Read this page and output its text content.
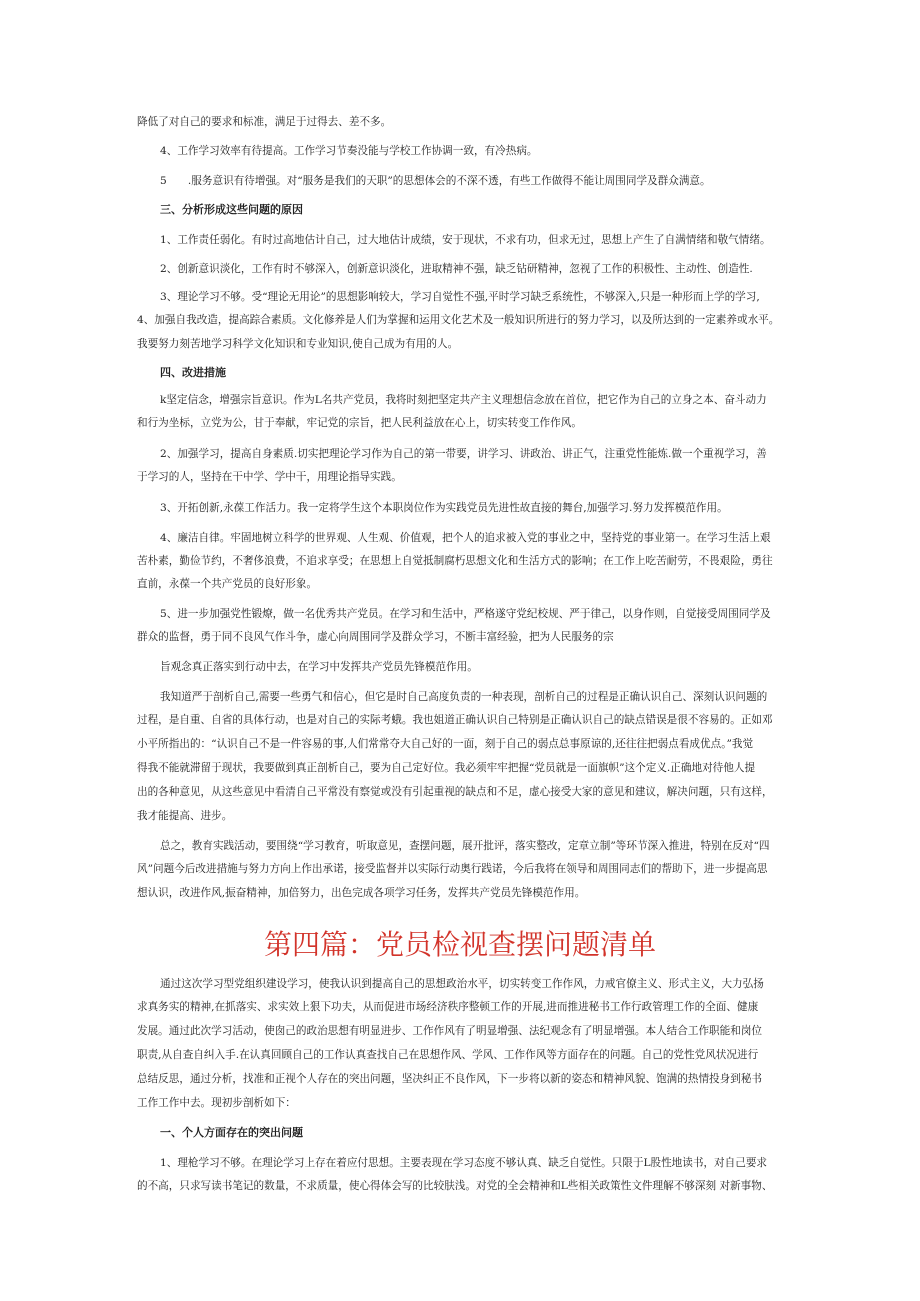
降低了对自己的要求和标准，满足于过得去、差不多。
4、工作学习效率有待提高。工作学习节奏没能与学校工作协调一致，有冷热病。
5　　.服务意识有待增强。对“服务是我们的天职”的思想体会的不深不透，有些工作做得不能让周围同学及群众满意。
三、分析形成这些问题的原因
1、工作责任弱化。有时过高地估计自己，过大地估计成绩，安于现状，不求有功，但求无过，思想上产生了自满情绪和敬气情绪。
2、创新意识淡化，工作有时不够深入，创新意识淡化，进取精神不强，缺乏钻研精神，忽视了工作的积极性、主动性、创造性.
3、理论学习不够。受“理论无用论”的思想影响较大，学习自觉性不强,平时学习缺乏系统性，不够深入,只是一种形而上学的学习,
4、加强自我改造，提高踪合素质。文化修养是人们为掌握和运用文化艺术及一般知识所进行的努力学习，以及所达到的一定素养或水平。
我要努力刻苦地学习科学文化知识和专业知识,使自己成为有用的人。
四、改进措施
k坚定信念，增强宗旨意识。作为L名共产党员，我将时刻把坚定共产主义理想信念放在首位，把它作为自己的立身之本、奋斗动力
和行为坐标，立党为公，甘于奉献，牢记党的宗旨，把人民利益放在心上，切实转变工作作风。
2、加强学习，提高自身素质.切实把理论学习作为自己的第一带要，讲学习、讲政治、讲正气，注重党性能炼.做一个重视学习，善
于学习的人，坚持在干中学、学中干，用理论指导实践。
3、开拓创新,永葆工作活力。我一定将学生这个本职岗位作为实践党员先进性故直接的舞台,加强学习.努力发挥模范作用。
4、廉洁自律。牢固地树立科学的世界观、人生观、价值观，把个人的追求被入党的事业之中，坚持党的事业第一。在学习生活上艰
苦朴素，勤俭节约，不奢侈浪费，不追求享受；在思想上自觉抵制腐朽思想文化和生活方式的影响；在工作上吃苦耐劳，不畏艰险，勇往
直前，永葆一个共产党员的良好形象。
5、进一步加强党性锻燎，做一名优秀共产党员。在学习和生活中，严格遂守党纪校规、严于律己，以身作则，自觉接受周围同学及
群众的监督，勇于同不良风气作斗争，虚心向周围同学及群众学习，不断丰富经验，把为人民服务的宗
旨观念真正落实到行动中去，在学习中发挥共产党员先锋模范作用。
我知道严于剖析自己,需要一些勇气和信心，但它是时自己高度负责的一种表现，剖析自己的过程是正确认识自己、深刻认识问题的
过程，是自重、自省的具体行动，也是对自己的实际考蛾。我也姐道正确认识自己特别是正确认识自己的缺点错误是很不容易的。正如邓
小平所指出的：“认识自己不是一件容易的事,人们常常夺大自己好的一面，刻于自己的弱点总事原谅的,还往往把弱点看成优点。”我觉
得我不能就滞留于现状，我要做到真正剖析自己，要为自己定好位。我必须牢牢把握“党员就是一面旗帜”这个定义.正确地对待他人提
出的各种意见，从这些意见中看清自己平常没有察觉或没有引起重视的缺点和不足，虚心接受大家的意见和建议，解决问题，只有这样，
我才能提高、进步。
总之，教育实践活动，要围绕“学习教育，听取意见，查摆问题，展开批评，落实整改，定章立制”等环节深入推进，特别在反对“四
风”问题今后改进措施与努力方向上作出承诺，接受监督并以实际行动奥行践诺，今后我将在领导和周围同志们的帮助下，进一步提高思
想认识，改进作风,振奋精神，加倍努力，出色完成各项学习任务，发挥共产党员先锋模范作用。
第四篇：党员检视查摆问题清单
通过这次学习型党组织建设学习，使我认识到提高自己的思想政治水平，切实转变工作作风，力戒官僚主义、形式主义，大力弘扬
求真务实的精神,在抓落实、求实效上狠下功夫，从而促进市场经济秩序整顿工作的开展,进而推进秘书工作行政管理工作的全面、健康
发展。通过此次学习活动，使囱己的政治思想有明显进步、工作作风有了明显增强、法纪观念有了明显增强。本人结合工作职能和岗位
职责,从自查自纠入手.在认真回顾自己的工作认真查找自己在思想作风、学风、工作作风等方面存在的问题。自己的党性党风状况进行
总结反思，通过分析，找准和正视个人存在的突出问题，坚决纠正不良作风，下一步将以新的姿态和精神风貌、饱满的热情投身到秘书
工作工作中去。现初步剖析如下：
一、个人方面存在的突出问题
1、理枪学习不够。在理论学习上存在着应付思想。主要表现在学习态度不够认真、缺乏自觉性。只限于L股性地读书，对自己要求
的不高，只求写读书笔记的数量，不求质量，使心得体会写的比较肤浅。对党的全会精神和L些相关政策性文件理解不够深刻 对新事物、
